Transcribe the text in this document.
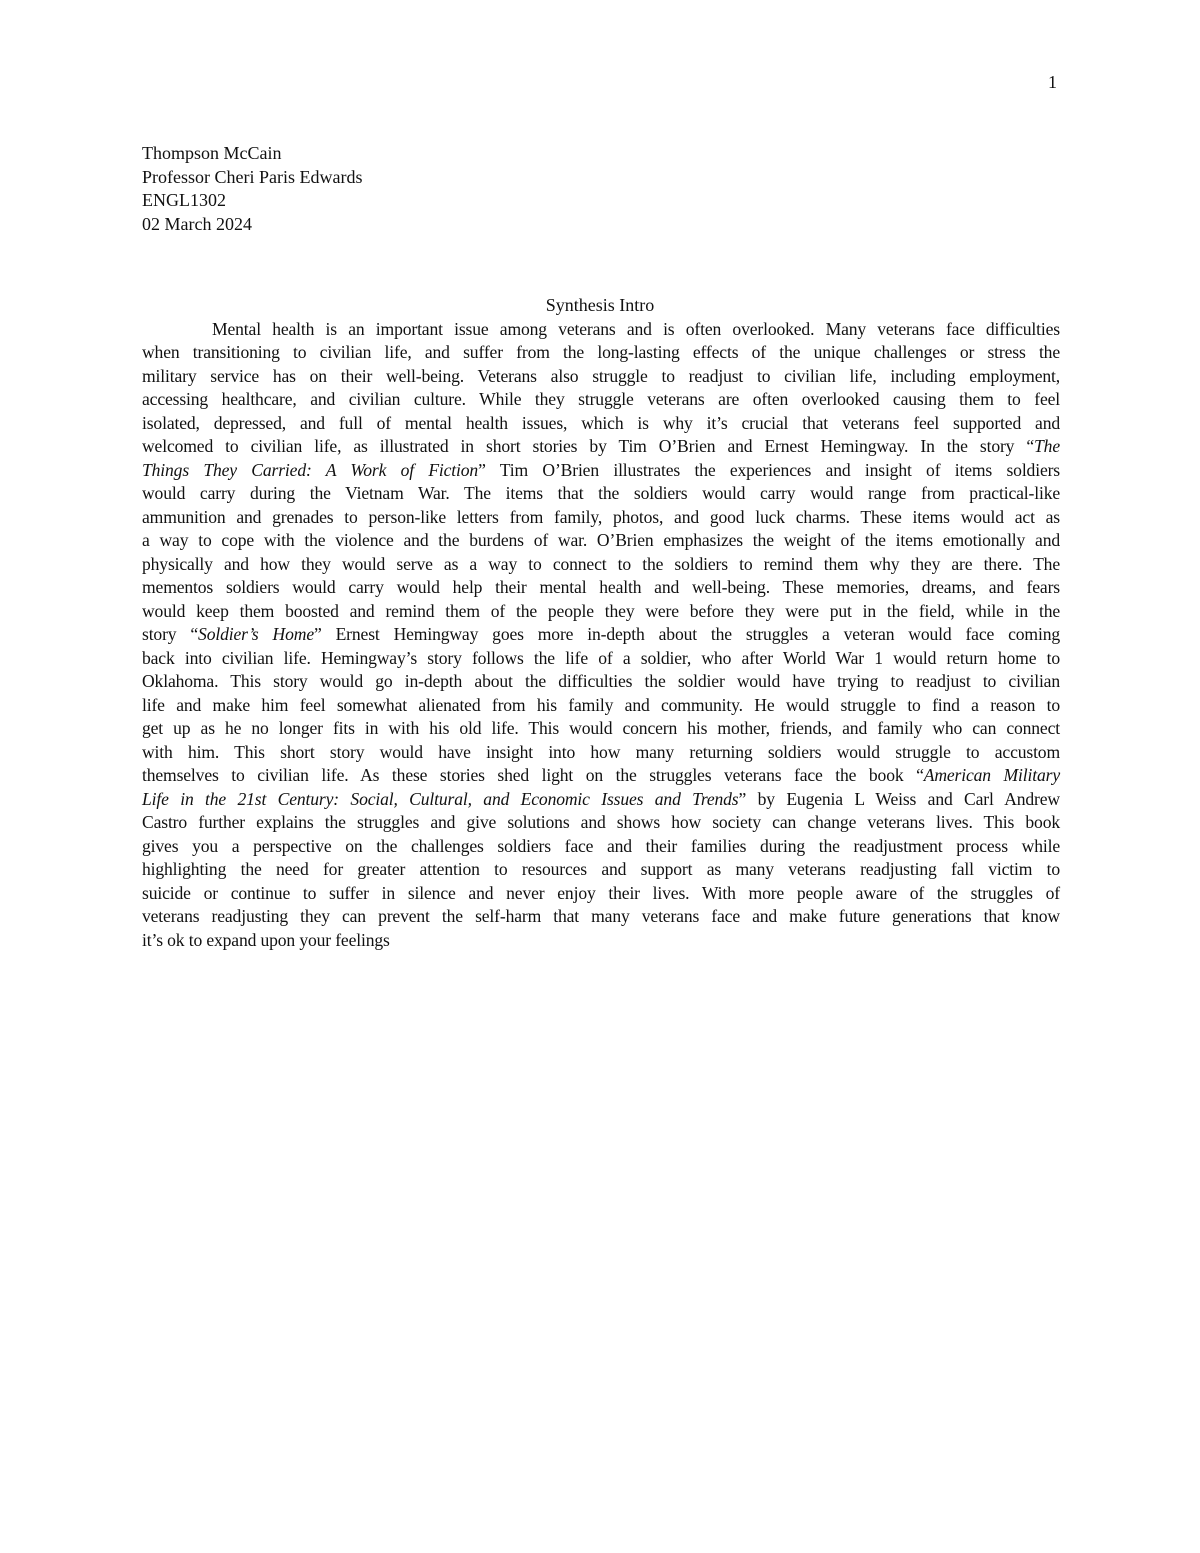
1
Thompson McCain
Professor Cheri Paris Edwards
ENGL1302
02 March 2024
Synthesis Intro
Mental health is an important issue among veterans and is often overlooked. Many veterans face difficulties
when transitioning to civilian life, and suffer from the long-lasting effects of the unique challenges or stress the
military service has on their well-being. Veterans also struggle to readjust to civilian life, including employment,
accessing healthcare, and civilian culture. While they struggle veterans are often overlooked causing them to feel
isolated, depressed, and full of mental health issues, which is why it’s crucial that veterans feel supported and
welcomed to civilian life, as illustrated in short stories by Tim O’Brien and Ernest Hemingway. In the story “The
Things They Carried: A Work of Fiction” Tim O’Brien illustrates the experiences and insight of items soldiers
would carry during the Vietnam War. The items that the soldiers would carry would range from practical-like
ammunition and grenades to person-like letters from family, photos, and good luck charms. These items would act as
a way to cope with the violence and the burdens of war. O’Brien emphasizes the weight of the items emotionally and
physically and how they would serve as a way to connect to the soldiers to remind them why they are there. The
mementos soldiers would carry would help their mental health and well-being. These memories, dreams, and fears
would keep them boosted and remind them of the people they were before they were put in the field, while in the
story “Soldier’s Home” Ernest Hemingway goes more in-depth about the struggles a veteran would face coming
back into civilian life. Hemingway’s story follows the life of a soldier, who after World War 1 would return home to
Oklahoma. This story would go in-depth about the difficulties the soldier would have trying to readjust to civilian
life and make him feel somewhat alienated from his family and community. He would struggle to find a reason to
get up as he no longer fits in with his old life. This would concern his mother, friends, and family who can connect
with him. This short story would have insight into how many returning soldiers would struggle to accustom
themselves to civilian life. As these stories shed light on the struggles veterans face the book “American Military
Life in the 21st Century: Social, Cultural, and Economic Issues and Trends” by Eugenia L Weiss and Carl Andrew
Castro further explains the struggles and give solutions and shows how society can change veterans lives. This book
gives you a perspective on the challenges soldiers face and their families during the readjustment process while
highlighting the need for greater attention to resources and support as many veterans readjusting fall victim to
suicide or continue to suffer in silence and never enjoy their lives. With more people aware of the struggles of
veterans readjusting they can prevent the self-harm that many veterans face and make future generations that know
it’s ok to expand upon your feelings
